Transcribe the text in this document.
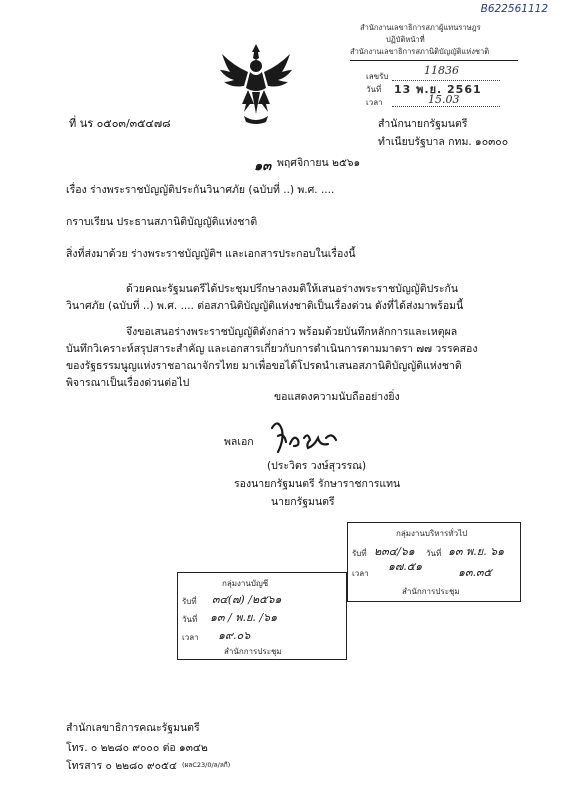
B622561112
สำนักงานเลขาธิการสภาผู้แทนราษฎร
ปฏิบัติหน้าที่
สำนักงานเลขาธิการสภานิติบัญญัติแห่งชาติ
เลขรับ	11836
วันที่ 13 พ.ย. 2561
เวลา	15.03
ที่ นร ๐๕๐๓/๓๕๔๗๘	สำนักนายกรัฐมนตรี
ทำเนียบรัฐบาล กทม. ๑๐๓๐๐
๑๓ พฤศจิกายน ๒๕๖๑
เรื่อง ร่างพระราชบัญญัติประกันวินาศภัย (ฉบับที่ ..) พ.ศ. ....
กราบเรียน ประธานสภานิติบัญญัติแห่งชาติ
สิ่งที่ส่งมาด้วย ร่างพระราชบัญญัติฯ และเอกสารประกอบในเรื่องนี้
ด้วยคณะรัฐมนตรีได้ประชุมปรึกษาลงมติให้เสนอร่างพระราชบัญญัติประกันวินาศภัย (ฉบับที่ ..) พ.ศ. .... ต่อสภานิติบัญญัติแห่งชาติเป็นเรื่องด่วน ดังที่ได้ส่งมาพร้อมนี้
จึงขอเสนอร่างพระราชบัญญัติดังกล่าว พร้อมด้วยบันทึกหลักการและเหตุผล บันทึกวิเคราะห์สรุปสาระสำคัญ และเอกสารเกี่ยวกับการดำเนินการตามมาตรา ๗๗ วรรคสอง ของรัฐธรรมนูญแห่งราชอาณาจักรไทย มาเพื่อขอได้โปรดนำเสนอสภานิติบัญญัติแห่งชาติพิจารณาเป็นเรื่องด่วนต่อไป
ขอแสดงความนับถืออย่างยิ่ง
พลเอก
(ประวิตร วงษ์สุวรรณ)
รองนายกรัฐมนตรี รักษาราชการแทน
นายกรัฐมนตรี
กลุ่มงานบริหารทั่วไป
รับที่ ๒๓๔/๖๑ วันที่ ๑๓ พ.ย. ๖๑
๑๗.๕๑
เวลา	๑๓.๓๕
สำนักการประชุม
กลุ่มงานบัญชี
รับที่ ๓๔(๗) /๒๕๖๑
วันที่ ๑๓ / พ.ย. /๖๑
เวลา ๑๙.๐๖
สำนักการประชุม
สำนักเลขาธิการคณะรัฐมนตรี
โทร. ๐ ๒๒๘๐ ๙๐๐๐ ต่อ ๑๓๔๒
โทรสาร ๐ ๒๒๘๐ ๙๐๕๔ (ผลC23/0/ล/ลกี)
